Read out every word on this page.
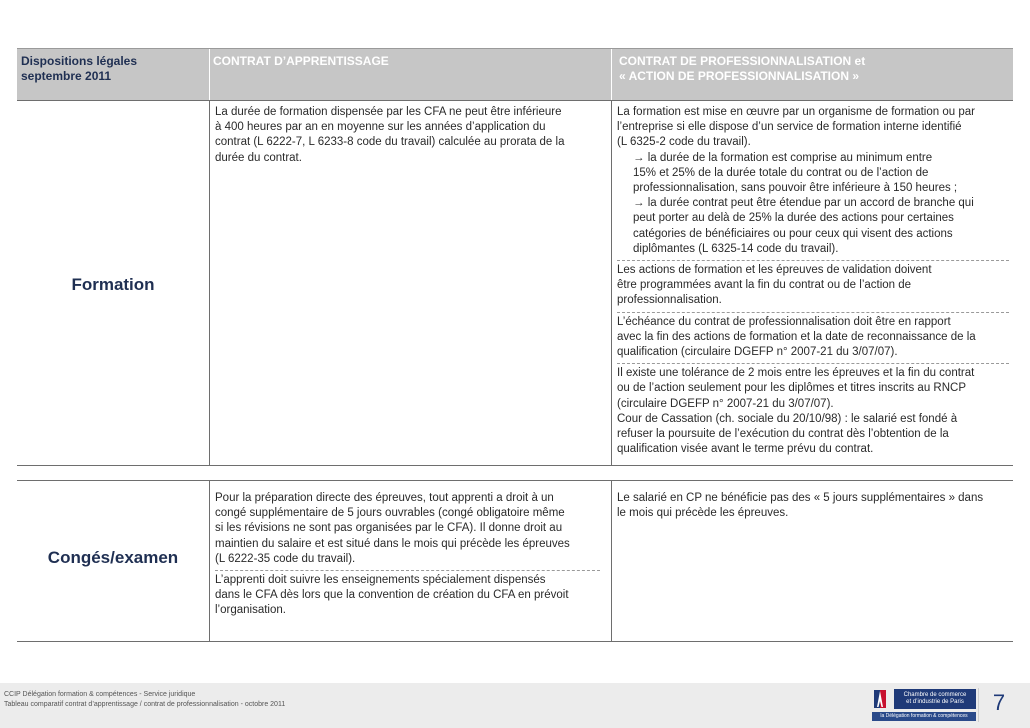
Dispositions légales
septembre 2011
CONTRAT D’APPRENTISSAGE	CONTRAT DE PROFESSIONNALISATION et
« ACTION DE PROFESSIONNALISATION »
Formation
La durée de formation dispensée par les CFA ne peut être inférieure
à 400 heures par an en moyenne sur les années d’application du
contrat (L 6222-7, L 6233-8 code du travail) calculée au prorata de la
durée du contrat.
La formation est mise en œuvre par un organisme de formation ou par
l’entreprise si elle dispose d’un service de formation interne identifié
(L 6325-2 code du travail).
→ la durée de la formation est comprise au minimum entre
15% et 25% de la durée totale du contrat ou de l’action de
professionnalisation, sans pouvoir être inférieure à 150 heures ;
→ la durée contrat peut être étendue par un accord de branche qui
peut porter au delà de 25% la durée des actions pour certaines
catégories de bénéficiaires ou pour ceux qui visent des actions
diplômantes (L 6325-14 code du travail).
Les actions de formation et les épreuves de validation doivent
être programmées avant la fin du contrat ou de l’action de
professionnalisation.
L’échéance du contrat de professionnalisation doit être en rapport
avec la fin des actions de formation et la date de reconnaissance de la
qualification (circulaire DGEFP n° 2007-21 du 3/07/07).
Il existe une tolérance de 2 mois entre les épreuves et la fin du contrat
ou de l’action seulement pour les diplômes et titres inscrits au RNCP
(circulaire DGEFP n° 2007-21 du 3/07/07).
Cour de Cassation (ch. sociale du 20/10/98) : le salarié est fondé à
refuser la poursuite de l’exécution du contrat dès l’obtention de la
qualification visée avant le terme prévu du contrat.
Congés/examen
Pour la préparation directe des épreuves, tout apprenti a droit à un
congé supplémentaire de 5 jours ouvrables (congé obligatoire même
si les révisions ne sont pas organisées par le CFA). Il donne droit au
maintien du salaire et est situé dans le mois qui précède les épreuves
(L 6222-35 code du travail).
L’apprenti doit suivre les enseignements spécialement dispensés
dans le CFA dès lors que la convention de création du CFA en prévoit
l’organisation.
Le salarié en CP ne bénéficie pas des « 5 jours supplémentaires » dans
le mois qui précède les épreuves.
CCIP Délégation formation & compétences - Service juridique
Tableau comparatif contrat d’apprentissage / contrat de professionnalisation - octobre 2011
Chambre de commerce
et d’industrie de Paris
la Délégation formation & compétences
7
